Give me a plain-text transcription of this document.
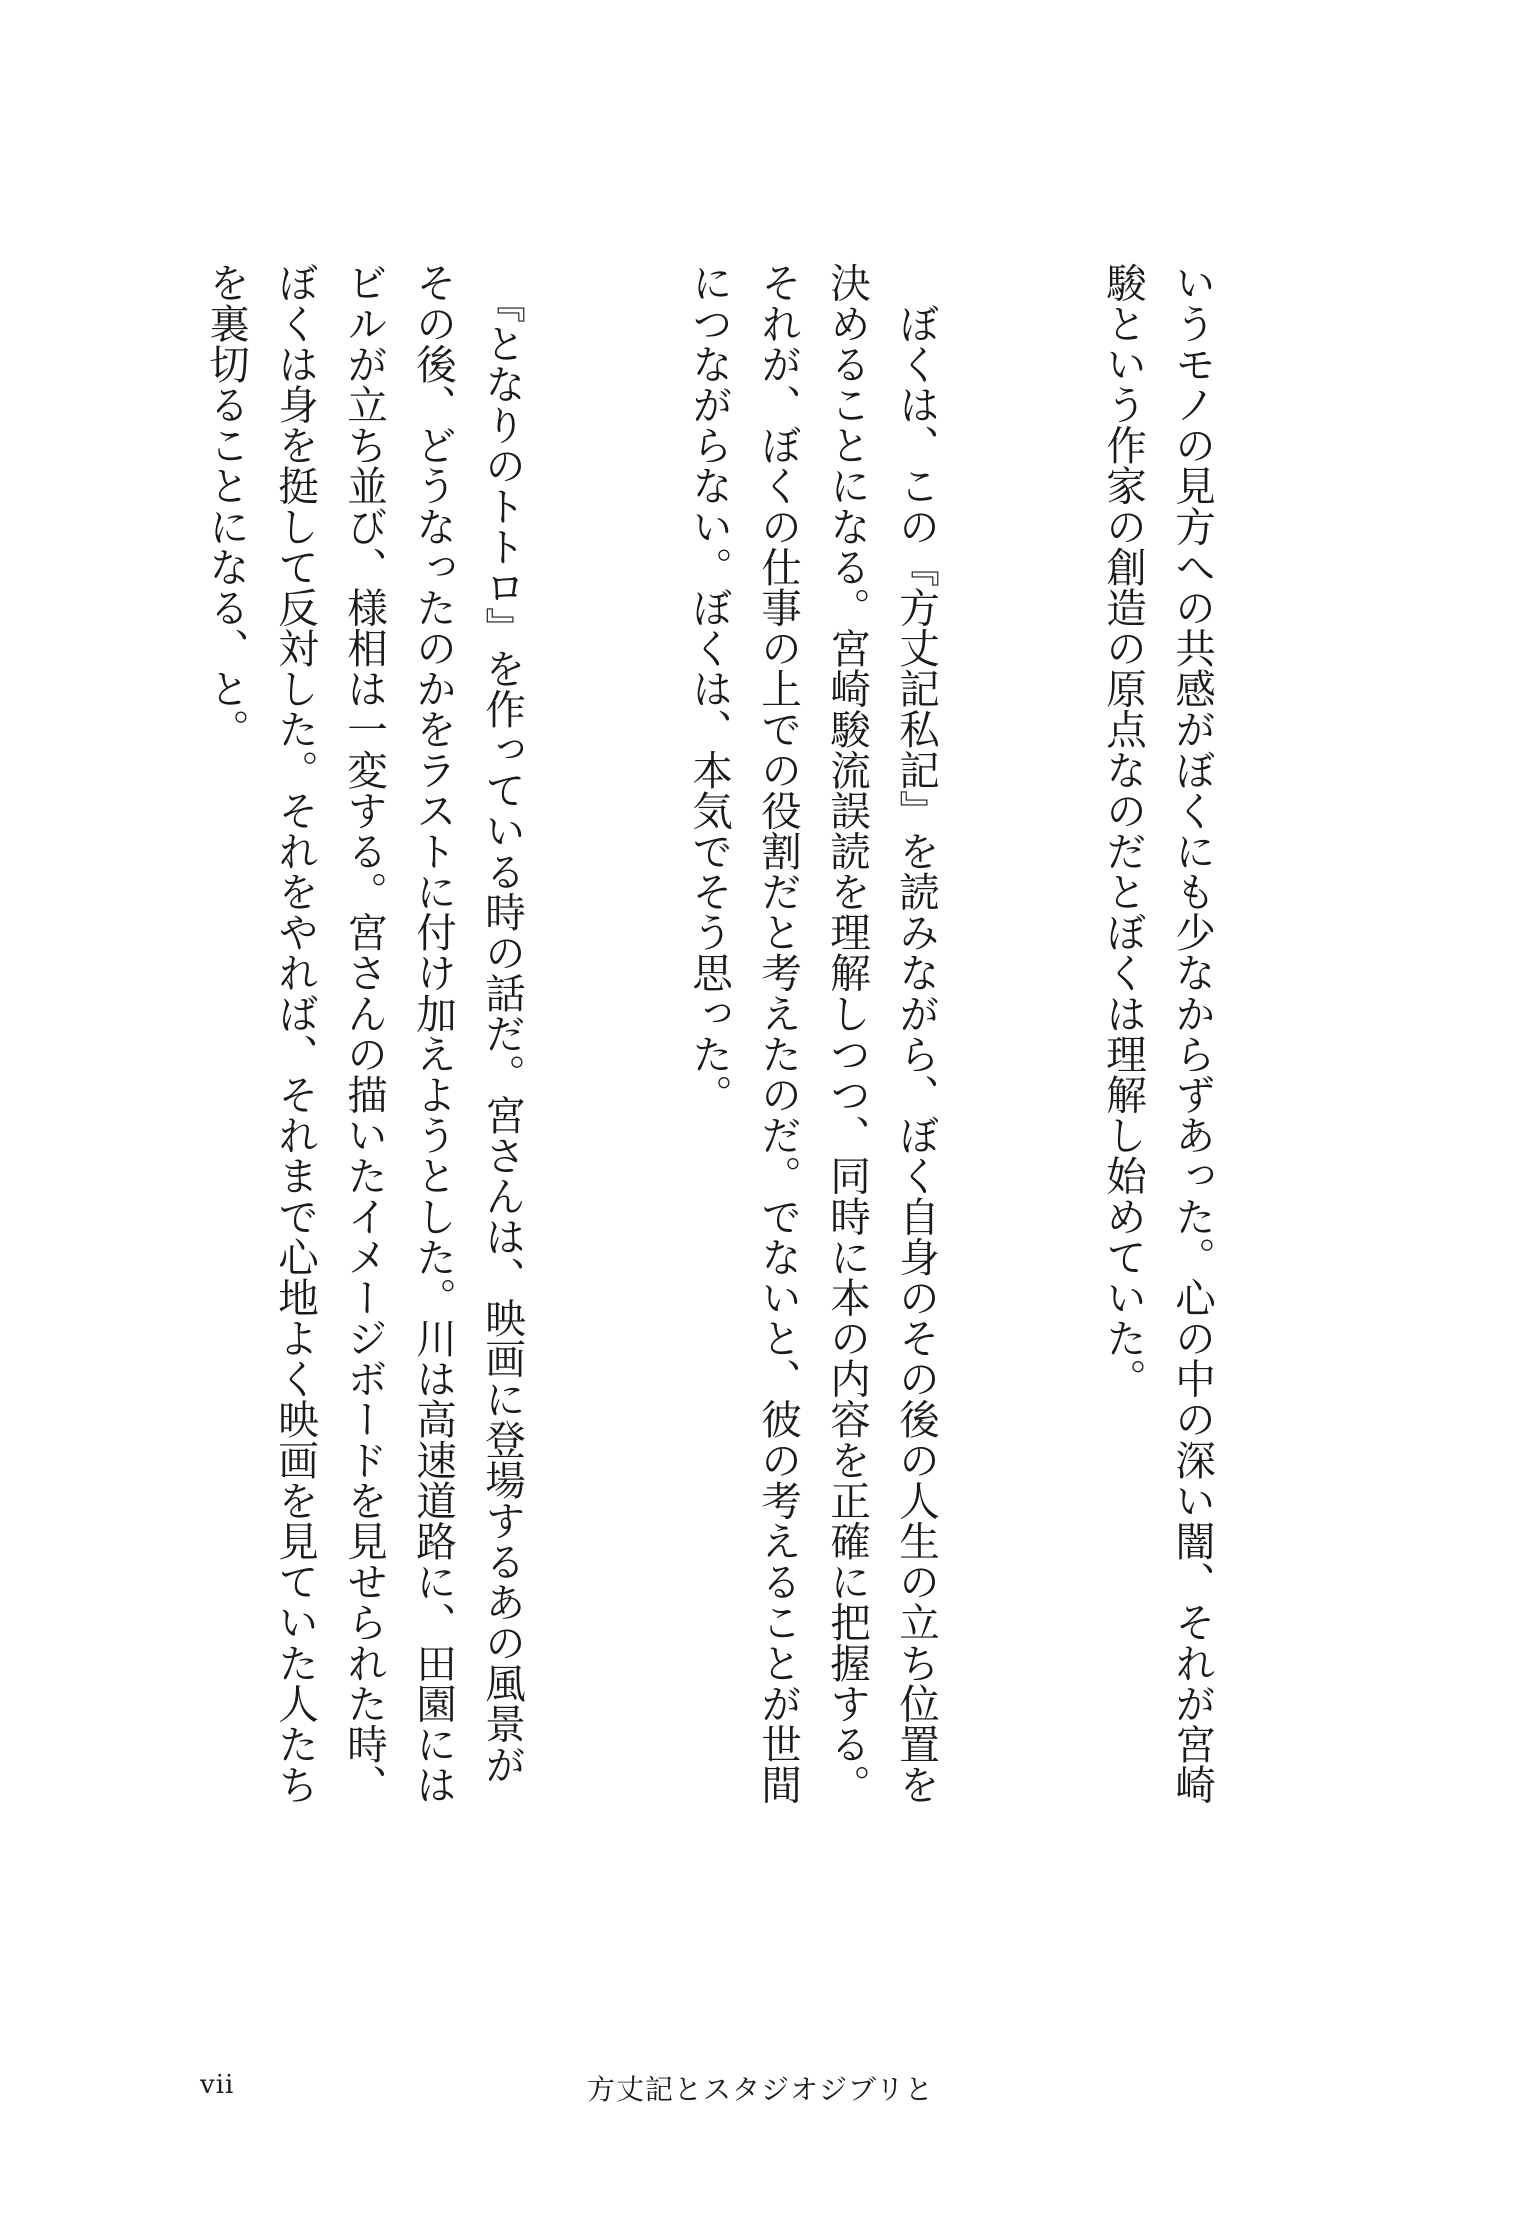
いうモノの見方への共感がぼくにも少なからずあった。心の中の深い闇、それが宮崎駿という作家の創造の原点なのだとぼくは理解し始めていた。

　ぼくは、この『方丈記私記』を読みながら、ぼく自身のその後の人生の立ち位置を決めることになる。宮崎駿流誤読を理解しつつ、同時に本の内容を正確に把握する。それが、ぼくの仕事の上での役割だと考えたのだ。でないと、彼の考えることが世間につながらない。ぼくは、本気でそう思った。

　『となりのトトロ』を作っている時の話だ。宮さんは、映画に登場するあの風景がその後、どうなったのかをラストに付け加えようとした。川は高速道路に、田園にはビルが立ち並び、様相は一変する。宮さんの描いたイメージボードを見せられた時、ぼくは身を挺して反対した。それをやれば、それまで心地よく映画を見ていた人たちを裏切ることになる、と。

vii	方丈記とスタジオジブリと
